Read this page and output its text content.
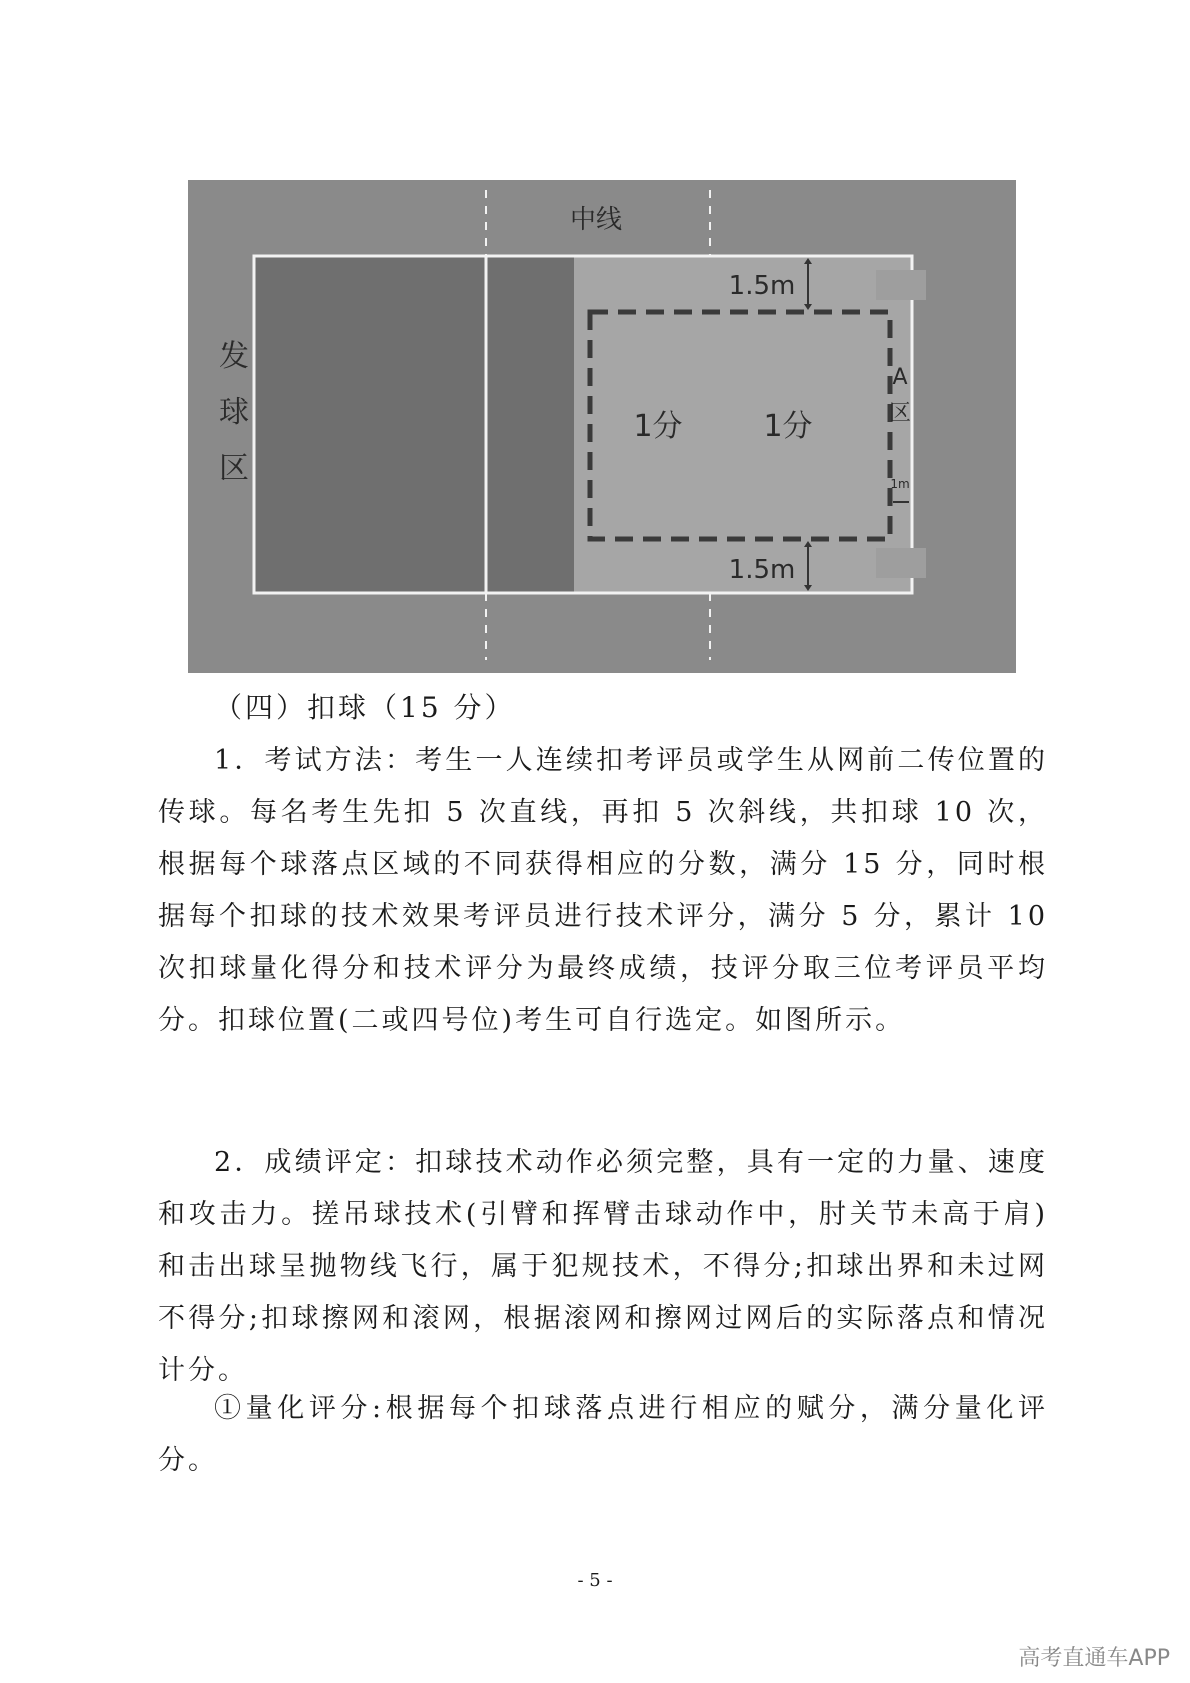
中线
发
球
区
1分	1分
A
区
1.5m
1.5m
1m

（四）扣球（15 分）

1．考试方法：考生一人连续扣考评员或学生从网前二传位置的传球。每名考生先扣 5 次直线，再扣 5 次斜线，共扣球 10 次，根据每个球落点区域的不同获得相应的分数，满分 15 分，同时根据每个扣球的技术效果考评员进行技术评分，满分 5 分，累计 10 次扣球量化得分和技术评分为最终成绩，技评分取三位考评员平均分。扣球位置(二或四号位)考生可自行选定。如图所示。

2．成绩评定：扣球技术动作必须完整，具有一定的力量、速度和攻击力。搓吊球技术(引臂和挥臂击球动作中，肘关节未高于肩)和击出球呈抛物线飞行，属于犯规技术，不得分;扣球出界和未过网不得分;扣球擦网和滚网，根据滚网和擦网过网后的实际落点和情况计分。

①量化评分:根据每个扣球落点进行相应的赋分，满分量化评分。

- 5 -

高考直通车APP
